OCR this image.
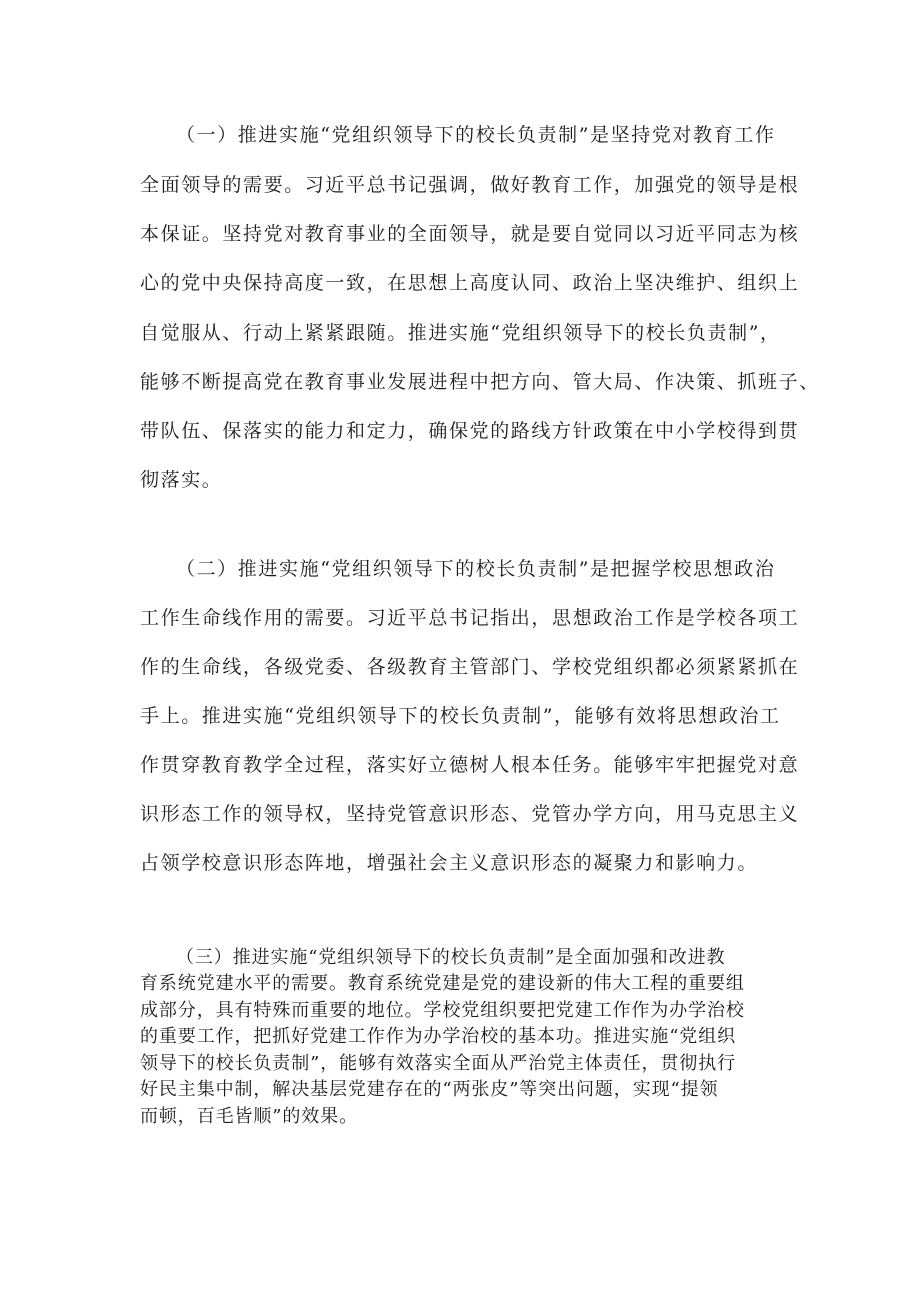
（一）推进实施“党组织领导下的校长负责制”是坚持党对教育工作
全面领导的需要。习近平总书记强调，做好教育工作，加强党的领导是根
本保证。坚持党对教育事业的全面领导，就是要自觉同以习近平同志为核
心的党中央保持高度一致，在思想上高度认同、政治上坚决维护、组织上
自觉服从、行动上紧紧跟随。推进实施“党组织领导下的校长负责制”，
能够不断提高党在教育事业发展进程中把方向、管大局、作决策、抓班子、
带队伍、保落实的能力和定力，确保党的路线方针政策在中小学校得到贯
彻落实。
（二）推进实施“党组织领导下的校长负责制”是把握学校思想政治
工作生命线作用的需要。习近平总书记指出，思想政治工作是学校各项工
作的生命线，各级党委、各级教育主管部门、学校党组织都必须紧紧抓在
手上。推进实施“党组织领导下的校长负责制”，能够有效将思想政治工
作贯穿教育教学全过程，落实好立德树人根本任务。能够牢牢把握党对意
识形态工作的领导权，坚持党管意识形态、党管办学方向，用马克思主义
占领学校意识形态阵地，增强社会主义意识形态的凝聚力和影响力。
（三）推进实施“党组织领导下的校长负责制”是全面加强和改进教
育系统党建水平的需要。教育系统党建是党的建设新的伟大工程的重要组
成部分，具有特殊而重要的地位。学校党组织要把党建工作作为办学治校
的重要工作，把抓好党建工作作为办学治校的基本功。推进实施“党组织
领导下的校长负责制”，能够有效落实全面从严治党主体责任，贯彻执行
好民主集中制，解决基层党建存在的“两张皮”等突出问题，实现“提领
而顿，百毛皆顺”的效果。
